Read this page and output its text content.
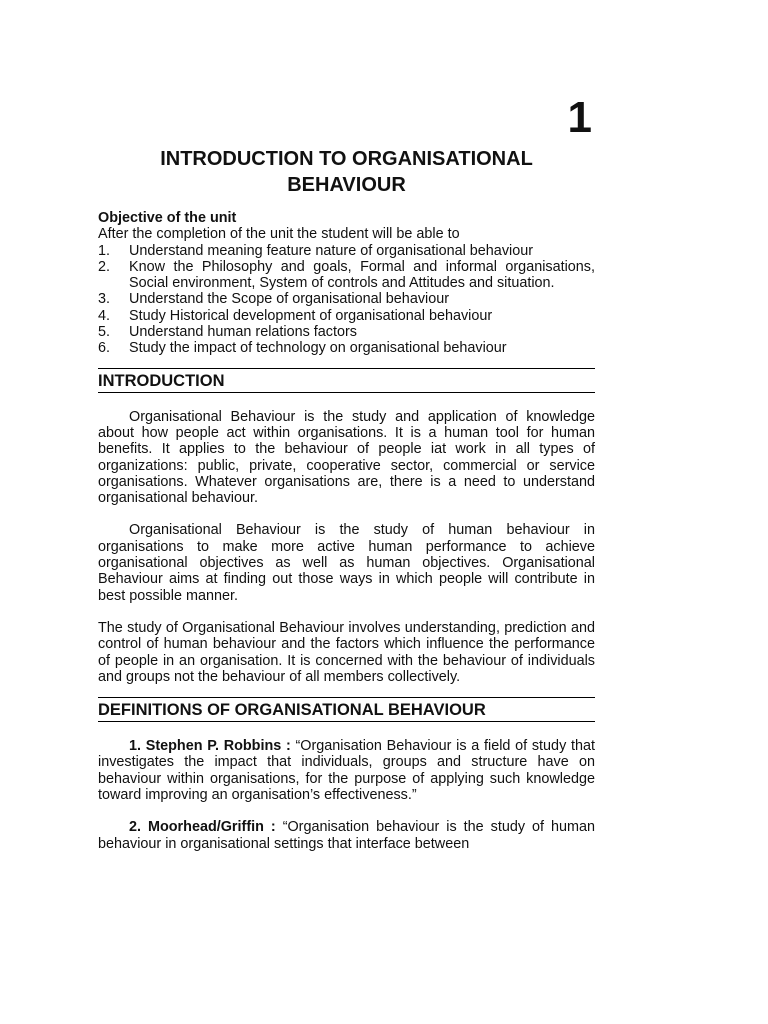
1
INTRODUCTION TO ORGANISATIONAL
BEHAVIOUR
Objective of the unit
After the completion of the unit the student will be able to
1.	Understand meaning feature nature of organisational behaviour
2.	Know the Philosophy and goals, Formal and informal organisations, Social environment, System of controls and Attitudes and situation.
3.	Understand the Scope of organisational behaviour
4.	Study Historical development of organisational behaviour
5.	Understand human relations factors
6.	Study the impact of technology on organisational behaviour
INTRODUCTION

Organisational Behaviour is the study and application of knowledge about how people act within organisations. It is a human tool for human benefits. It applies to the behaviour of people iat work in all types of organizations: public, private, cooperative sector, commercial or service organisations. Whatever organisations are, there is a need to understand organisational behaviour.

Organisational Behaviour is the study of human behaviour in organisations to make more active human performance to achieve organisational objectives as well as human objectives. Organisational Behaviour aims at finding out those ways in which people will contribute in best possible manner.

The study of Organisational Behaviour involves understanding, prediction and control of human behaviour and the factors which influence the performance of people in an organisation. It is concerned with the behaviour of individuals and groups not the behaviour of all members collectively.

DEFINITIONS OF ORGANISATIONAL BEHAVIOUR

1. Stephen P. Robbins : “Organisation Behaviour is a field of study that investigates the impact that individuals, groups and structure have on behaviour within organisations, for the purpose of applying such knowledge toward improving an organisation’s effectiveness.”

2. Moorhead/Griffin : “Organisation behaviour is the study of human behaviour in organisational settings that interface between
